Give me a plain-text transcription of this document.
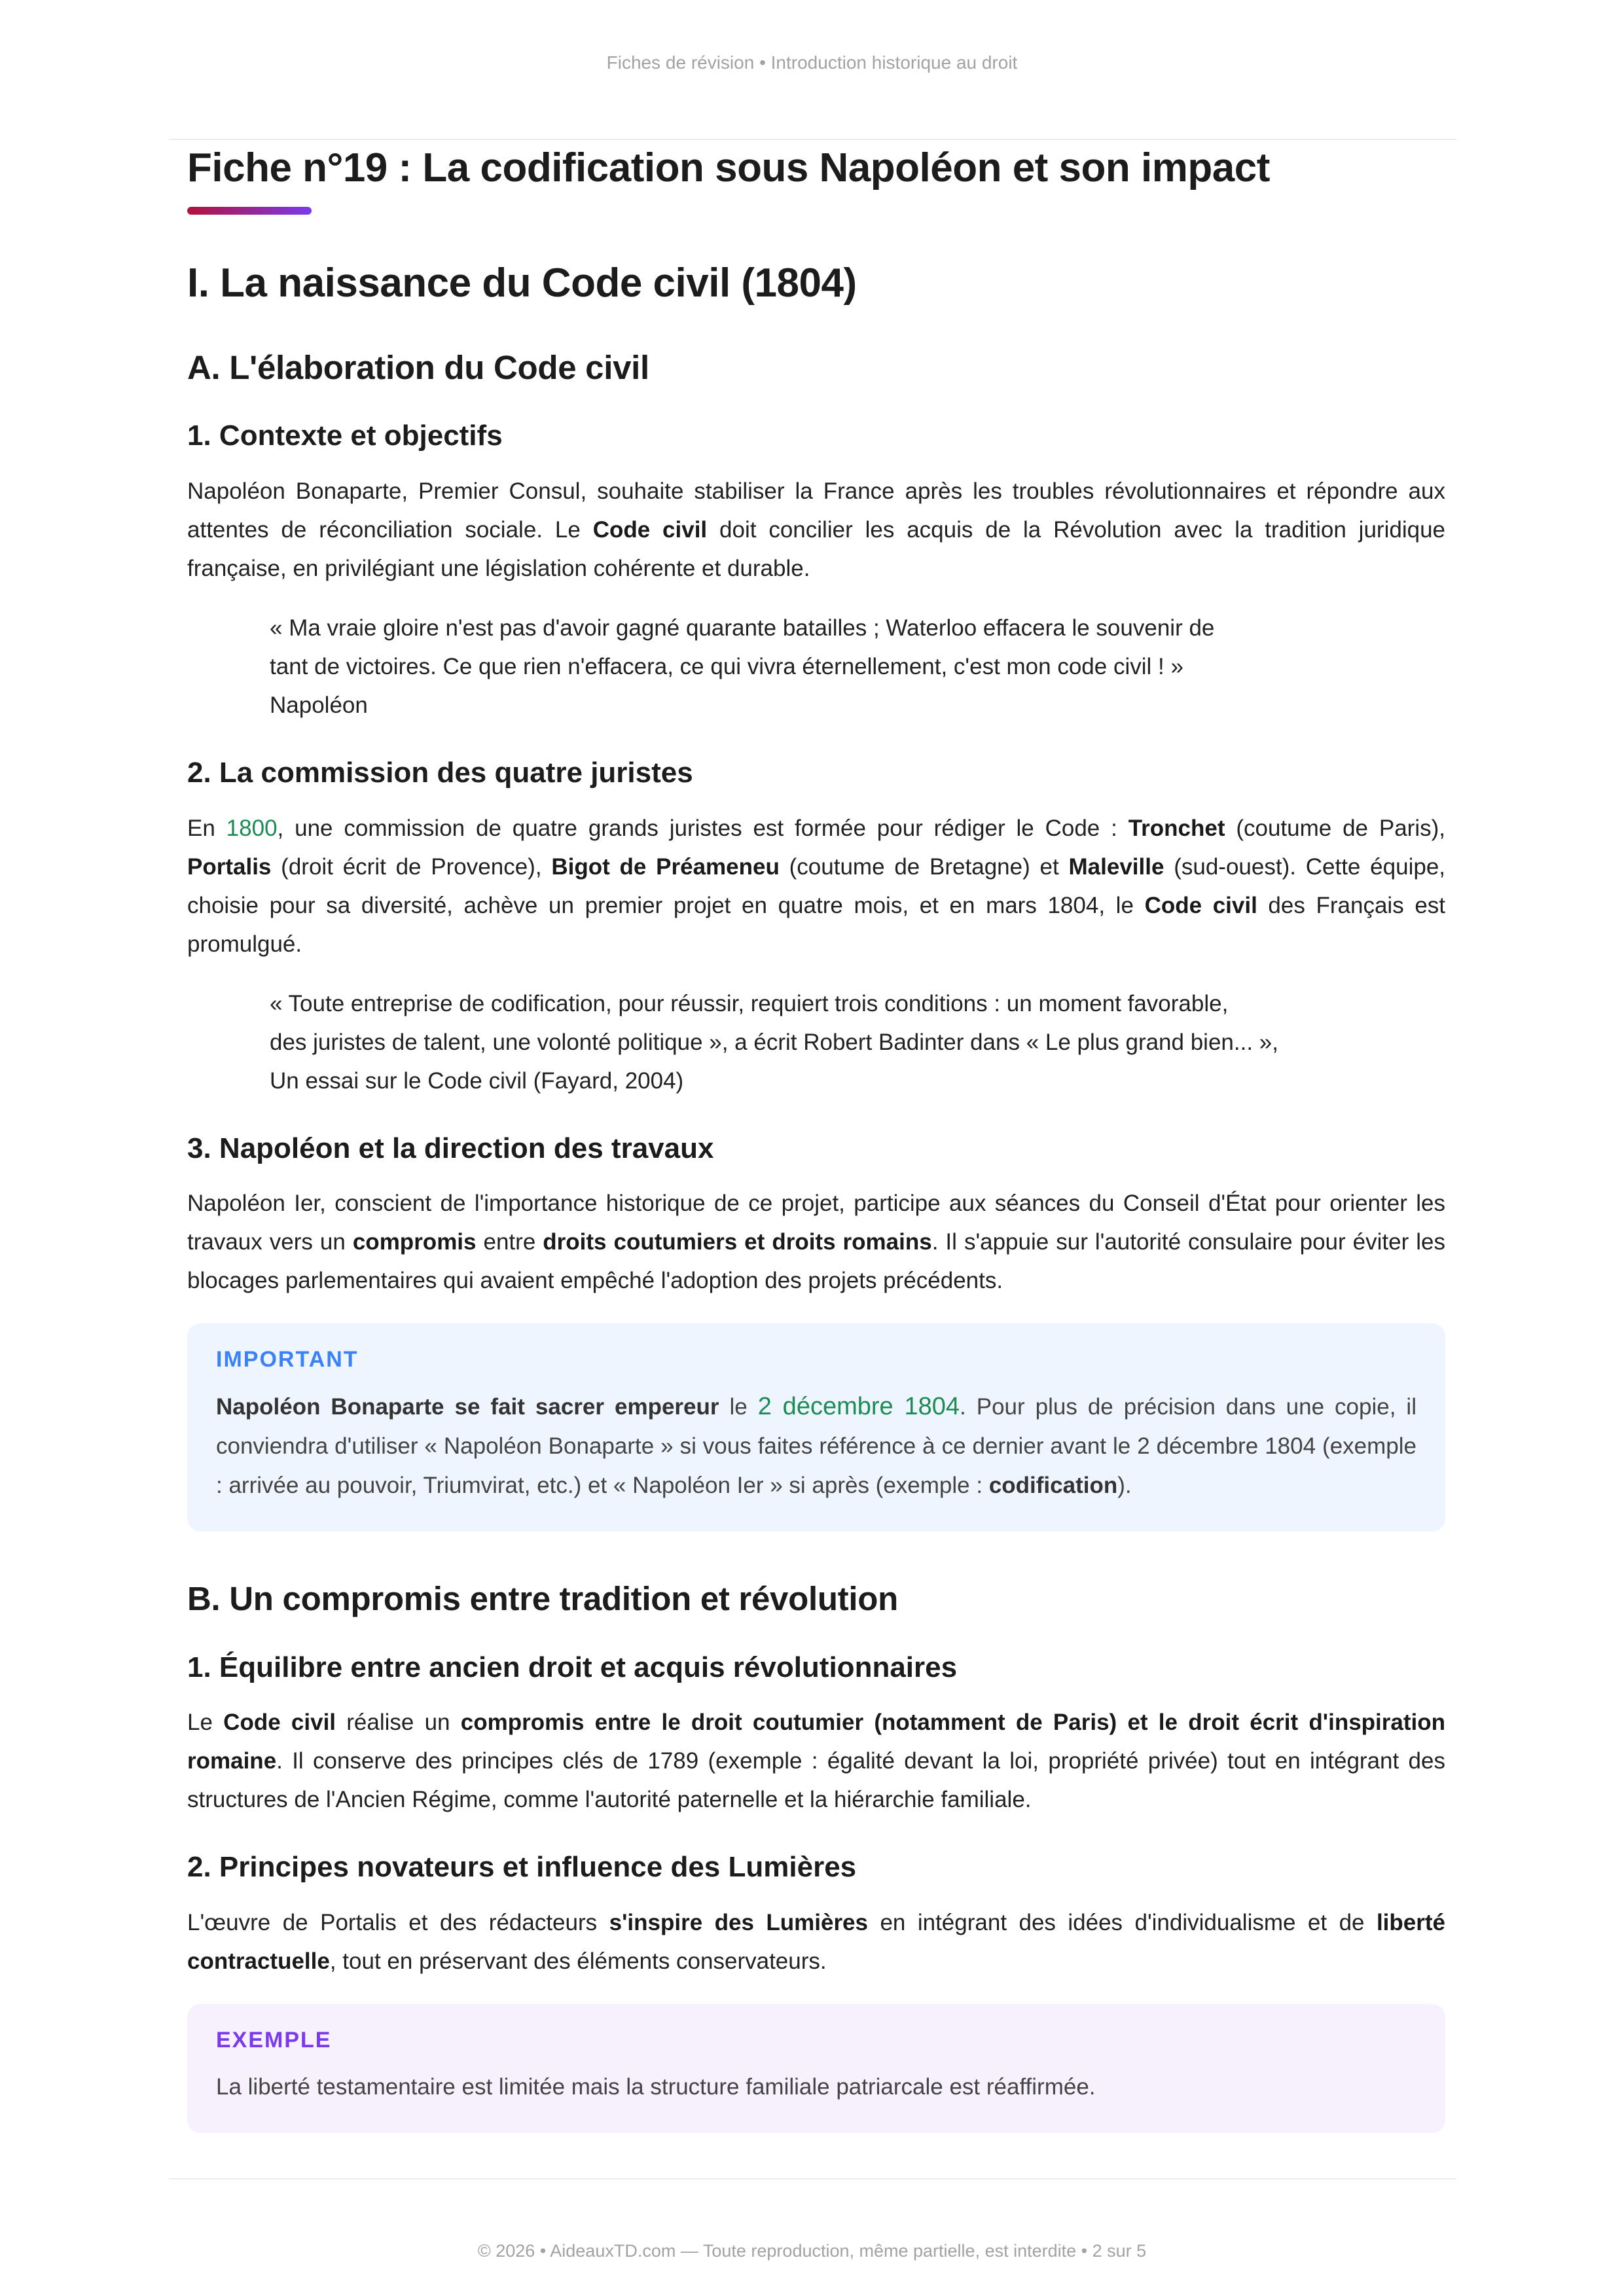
Fiches de révision • Introduction historique au droit
Fiche n°19 : La codification sous Napoléon et son impact
I. La naissance du Code civil (1804)
A. L'élaboration du Code civil
1. Contexte et objectifs

Napoléon Bonaparte, Premier Consul, souhaite stabiliser la France après les troubles révolutionnaires et répondre aux attentes de réconciliation sociale. Le Code civil doit concilier les acquis de la Révolution avec la tradition juridique française, en privilégiant une législation cohérente et durable.

« Ma vraie gloire n'est pas d'avoir gagné quarante batailles ; Waterloo effacera le souvenir de
tant de victoires. Ce que rien n'effacera, ce qui vivra éternellement, c'est mon code civil ! »
Napoléon
2. La commission des quatre juristes

En 1800, une commission de quatre grands juristes est formée pour rédiger le Code : Tronchet (coutume de Paris), Portalis (droit écrit de Provence), Bigot de Préameneu (coutume de Bretagne) et Maleville (sud-ouest). Cette équipe, choisie pour sa diversité, achève un premier projet en quatre mois, et en mars 1804, le Code civil des Français est promulgué.

« Toute entreprise de codification, pour réussir, requiert trois conditions : un moment favorable,
des juristes de talent, une volonté politique », a écrit Robert Badinter dans « Le plus grand bien... »,
Un essai sur le Code civil (Fayard, 2004)
3. Napoléon et la direction des travaux

Napoléon Ier, conscient de l'importance historique de ce projet, participe aux séances du Conseil d'État pour orienter les travaux vers un compromis entre droits coutumiers et droits romains. Il s'appuie sur l'autorité consulaire pour éviter les blocages parlementaires qui avaient empêché l'adoption des projets précédents.

IMPORTANT
Napoléon Bonaparte se fait sacrer empereur le 2 décembre 1804. Pour plus de précision dans une copie, il conviendra d'utiliser « Napoléon Bonaparte » si vous faites référence à ce dernier avant le 2 décembre 1804 (exemple : arrivée au pouvoir, Triumvirat, etc.) et « Napoléon Ier » si après (exemple : codification).
B. Un compromis entre tradition et révolution
1. Équilibre entre ancien droit et acquis révolutionnaires

Le Code civil réalise un compromis entre le droit coutumier (notamment de Paris) et le droit écrit d'inspiration romaine. Il conserve des principes clés de 1789 (exemple : égalité devant la loi, propriété privée) tout en intégrant des structures de l'Ancien Régime, comme l'autorité paternelle et la hiérarchie familiale.

2. Principes novateurs et influence des Lumières

L'œuvre de Portalis et des rédacteurs s'inspire des Lumières en intégrant des idées d'individualisme et de liberté contractuelle, tout en préservant des éléments conservateurs.

EXEMPLE
La liberté testamentaire est limitée mais la structure familiale patriarcale est réaffirmée.
© 2026 • AideauxTD.com — Toute reproduction, même partielle, est interdite • 2 sur 5
